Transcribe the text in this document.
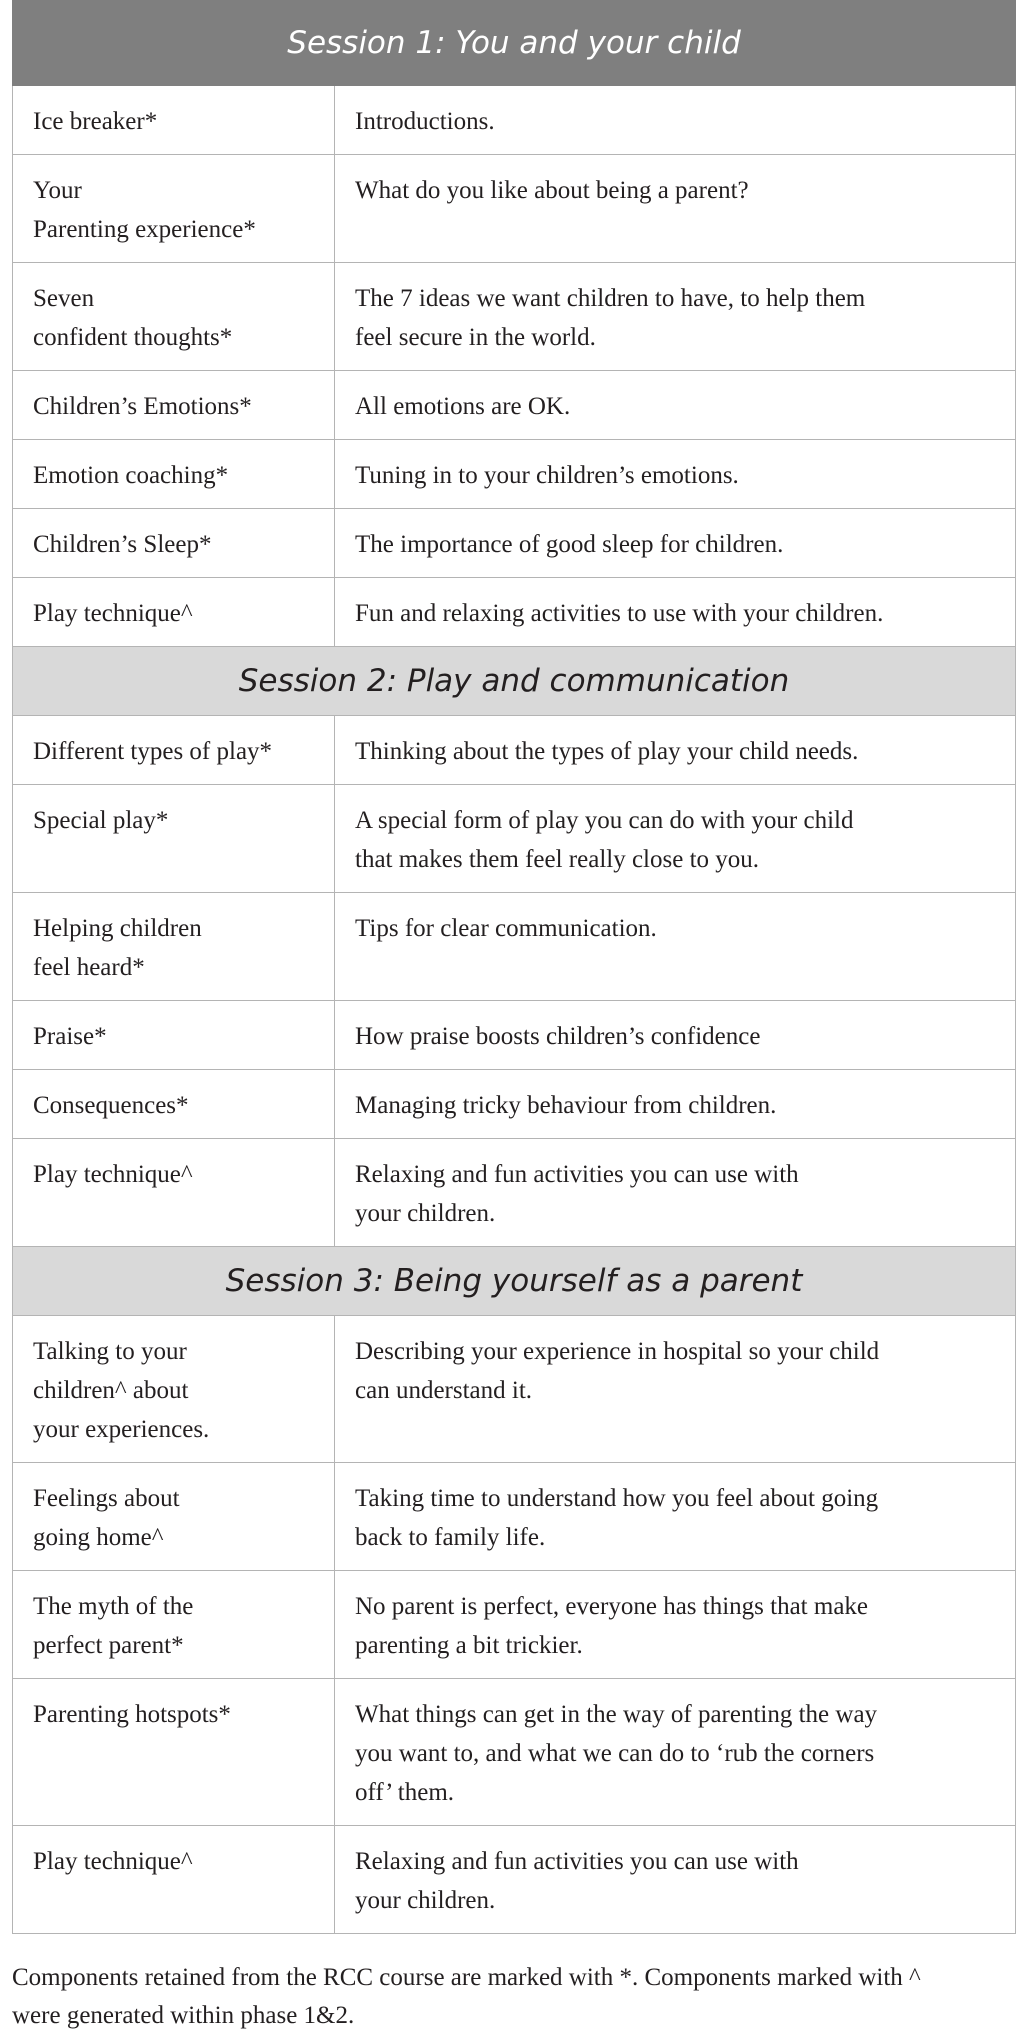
Session 1: You and your child	

Ice breaker*	Introductions.

Your
Parenting experience*	What do you like about being a parent?

Seven
confident thoughts*	The 7 ideas we want children to have, to help them
feel secure in the world.

Children’s Emotions*	All emotions are OK.

Emotion coaching*	Tuning in to your children’s emotions.

Children’s Sleep*	The importance of good sleep for children.

Play technique^	Fun and relaxing activities to use with your children.

Session 2: Play and communication	

Different types of play*	Thinking about the types of play your child needs.

Special play*	A special form of play you can do with your child
that makes them feel really close to you.

Helping children
feel heard*	Tips for clear communication.

Praise*	How praise boosts children’s confidence

Consequences*	Managing tricky behaviour from children.

Play technique^	Relaxing and fun activities you can use with
your children.

Session 3: Being yourself as a parent	

Talking to your
children^ about
your experiences.	Describing your experience in hospital so your child
can understand it.

Feelings about
going home^	Taking time to understand how you feel about going
back to family life.

The myth of the
perfect parent*	No parent is perfect, everyone has things that make
parenting a bit trickier.

Parenting hotspots*	What things can get in the way of parenting the way
you want to, and what we can do to ‘rub the corners
off’ them.

Play technique^	Relaxing and fun activities you can use with
your children.
Components retained from the RCC course are marked with *. Components marked with ^
were generated within phase 1&2.
